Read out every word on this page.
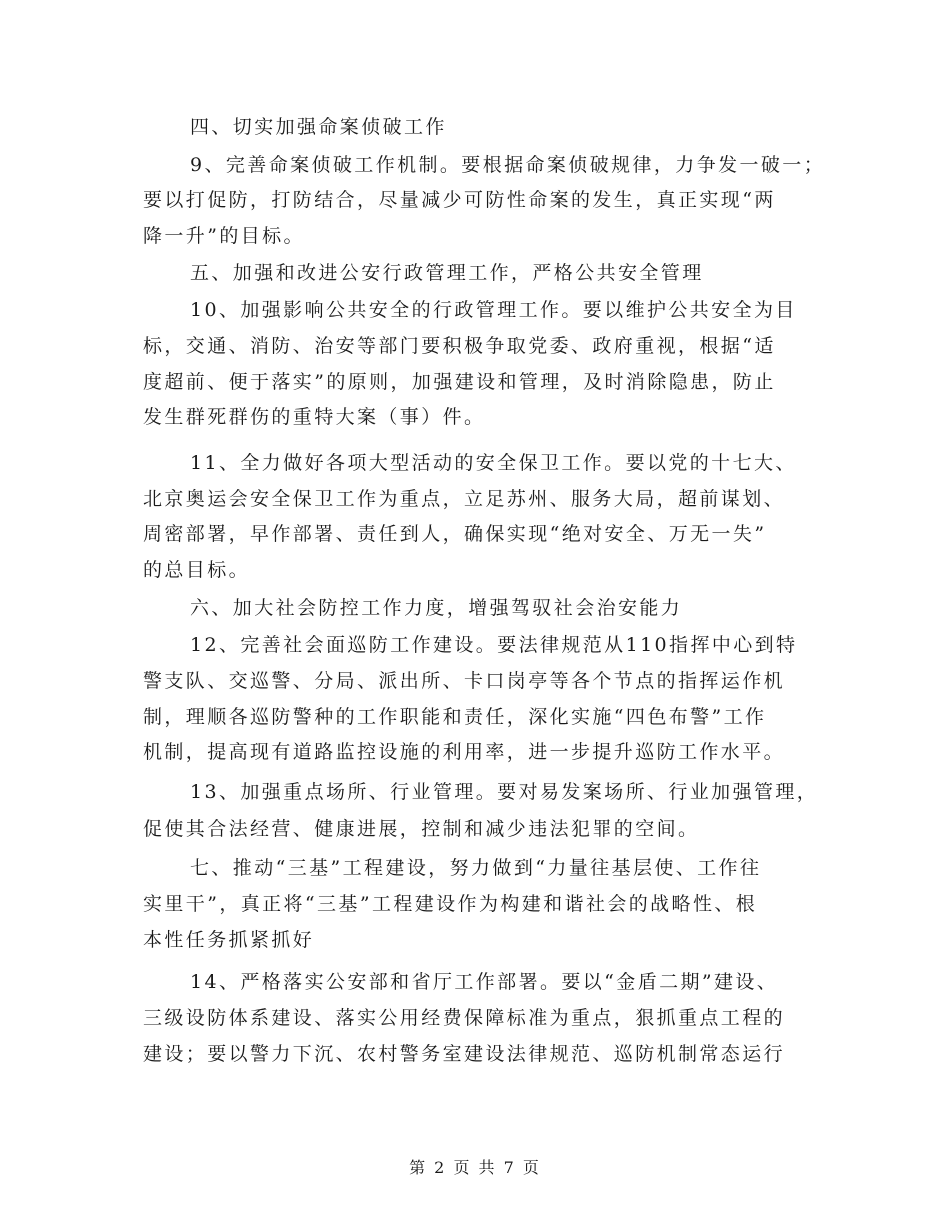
四、切实加强命案侦破工作
9、完善命案侦破工作机制。要根据命案侦破规律，力争发一破一；
要以打促防，打防结合，尽量减少可防性命案的发生，真正实现“两
降一升”的目标。
五、加强和改进公安行政管理工作，严格公共安全管理
10、加强影响公共安全的行政管理工作。要以维护公共安全为目
标，交通、消防、治安等部门要积极争取党委、政府重视，根据“适
度超前、便于落实”的原则，加强建设和管理，及时消除隐患，防止
发生群死群伤的重特大案（事）件。
11、全力做好各项大型活动的安全保卫工作。要以党的十七大、
北京奥运会安全保卫工作为重点，立足苏州、服务大局，超前谋划、
周密部署，早作部署、责任到人，确保实现“绝对安全、万无一失”
的总目标。
六、加大社会防控工作力度，增强驾驭社会治安能力
12、完善社会面巡防工作建设。要法律规范从110指挥中心到特
警支队、交巡警、分局、派出所、卡口岗亭等各个节点的指挥运作机
制，理顺各巡防警种的工作职能和责任，深化实施“四色布警”工作
机制，提高现有道路监控设施的利用率，进一步提升巡防工作水平。
13、加强重点场所、行业管理。要对易发案场所、行业加强管理，
促使其合法经营、健康进展，控制和减少违法犯罪的空间。
七、推动“三基”工程建设，努力做到“力量往基层使、工作往
实里干”，真正将“三基”工程建设作为构建和谐社会的战略性、根
本性任务抓紧抓好
14、严格落实公安部和省厅工作部署。要以“金盾二期”建设、
三级设防体系建设、落实公用经费保障标准为重点，狠抓重点工程的
建设；要以警力下沉、农村警务室建设法律规范、巡防机制常态运行
第 2 页 共 7 页
